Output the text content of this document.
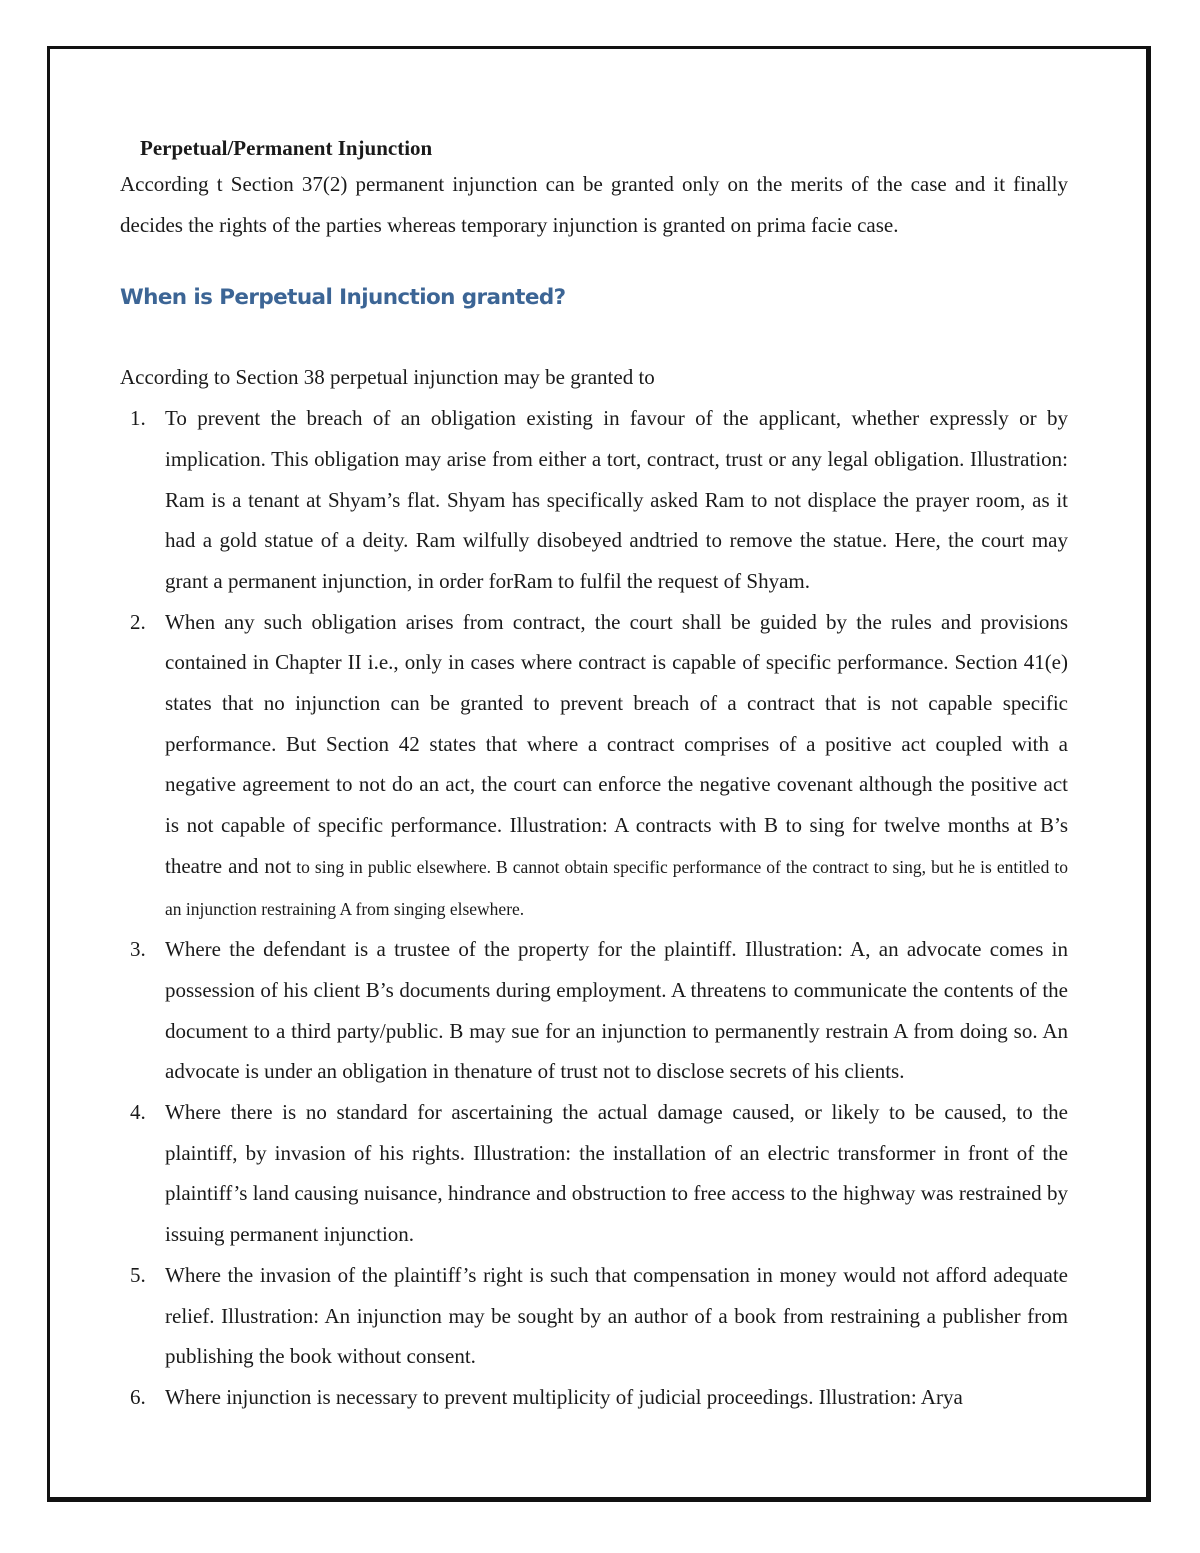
Perpetual/Permanent Injunction

According t Section 37(2) permanent injunction can be granted only on the merits of the case and it finally decides the rights of the parties whereas temporary injunction is granted on prima facie case.

When is Perpetual Injunction granted?

According to Section 38 perpetual injunction may be granted to

1. To prevent the breach of an obligation existing in favour of the applicant, whether expressly or by implication. This obligation may arise from either a tort, contract, trust or any legal obligation. Illustration: Ram is a tenant at Shyam’s flat. Shyam has specifically asked Ram to not displace the prayer room, as it had a gold statue of a deity. Ram wilfully disobeyed andtried to remove the statue. Here, the court may grant a permanent injunction, in order forRam to fulfil the request of Shyam.
2. When any such obligation arises from contract, the court shall be guided by the rules and provisions contained in Chapter II i.e., only in cases where contract is capable of specific performance. Section 41(e) states that no injunction can be granted to prevent breach of a contract that is not capable specific performance. But Section 42 states that where a contract comprises of a positive act coupled with a negative agreement to not do an act, the court can enforce the negative covenant although the positive act is not capable of specific performance. Illustration: A contracts with B to sing for twelve months at B’s theatre and not to sing in public elsewhere. B cannot obtain specific performance of the contract to sing, but he is entitled to an injunction restraining A from singing elsewhere.
3. Where the defendant is a trustee of the property for the plaintiff. Illustration: A, an advocate comes in possession of his client B’s documents during employment. A threatens to communicate the contents of the document to a third party/public. B may sue for an injunction to permanently restrain A from doing so. An advocate is under an obligation in thenature of trust not to disclose secrets of his clients.
4. Where there is no standard for ascertaining the actual damage caused, or likely to be caused, to the plaintiff, by invasion of his rights. Illustration: the installation of an electric transformer in front of the plaintiff’s land causing nuisance, hindrance and obstruction to free access to the highway was restrained by issuing permanent injunction.
5. Where the invasion of the plaintiff’s right is such that compensation in money would not afford adequate relief. Illustration: An injunction may be sought by an author of a book from restraining a publisher from publishing the book without consent.
6. Where injunction is necessary to prevent multiplicity of judicial proceedings. Illustration: Arya
